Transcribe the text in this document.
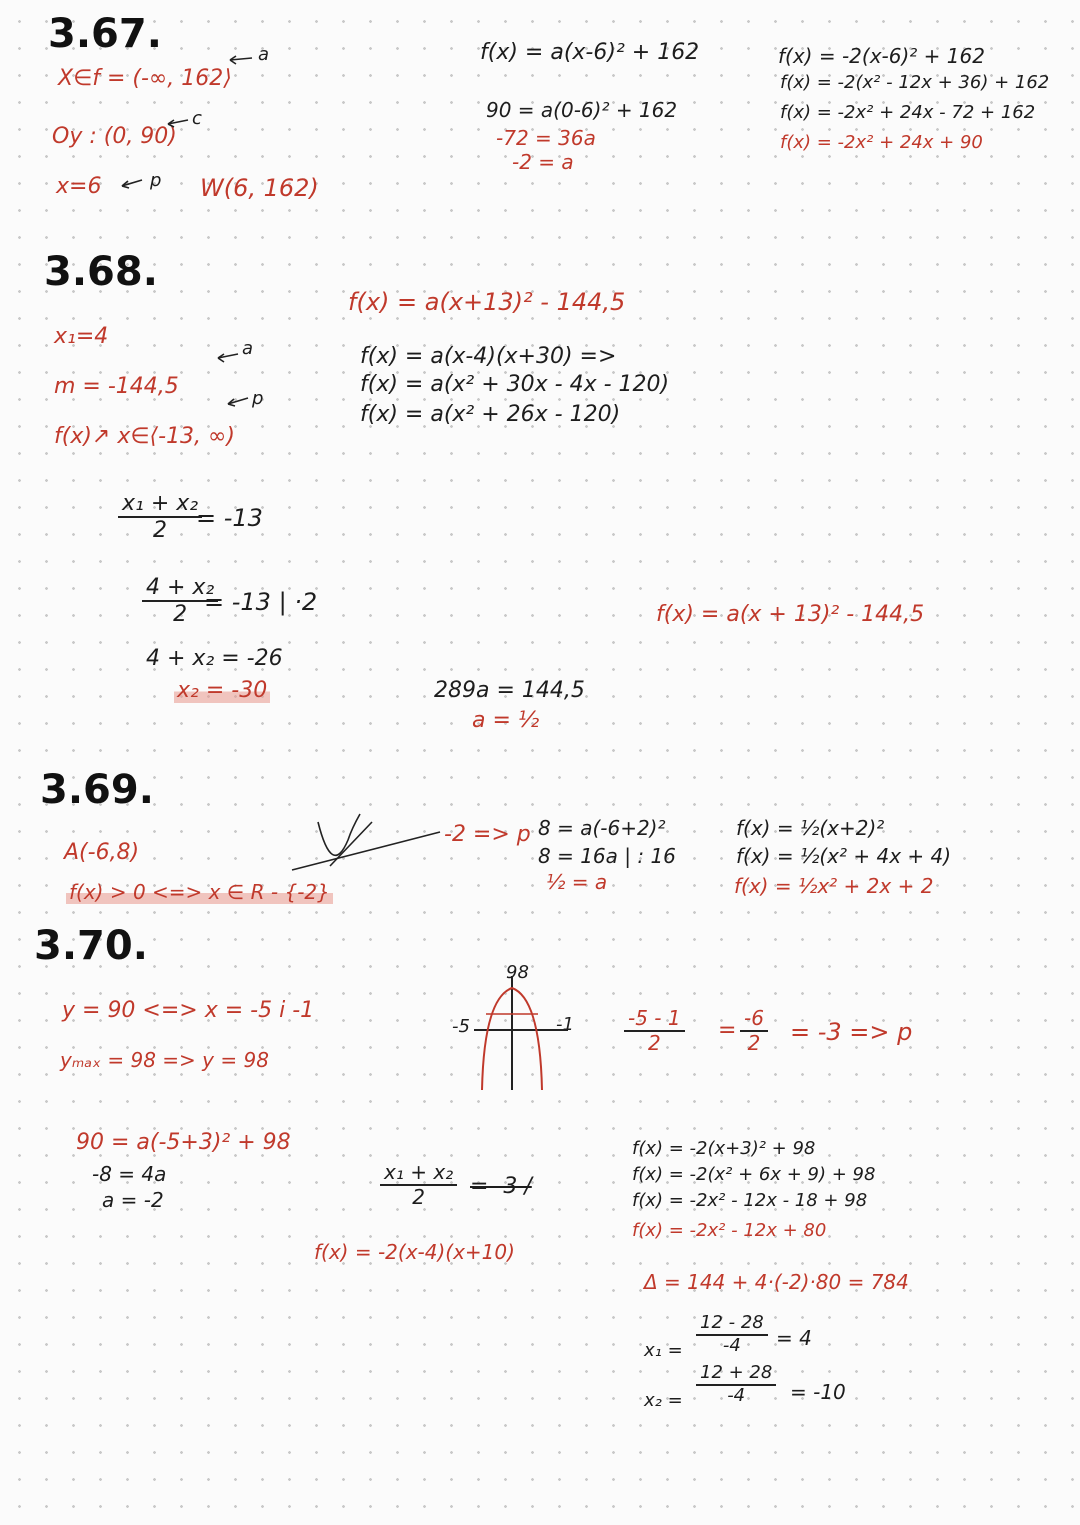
3.67.
X∈f = (-∞, 162⟩
Oy : (0, 90)
x=6	W(6, 162)
a
c
p
f(x) = a(x-6)² + 162
90 = a(0-6)² + 162
-72 = 36a
-2 = a
f(x) = -2(x-6)² + 162
f(x) = -2(x² - 12x + 36) + 162
f(x) = -2x² + 24x - 72 + 162
f(x) = -2x² + 24x + 90
3.68.
x₁=4
m = -144,5
f(x)↗ x∈⟨-13, ∞)
a
p
f(x) = a(x+13)² - 144,5
f(x) = a(x-4)(x+30) =>
f(x) = a(x² + 30x - 4x - 120)
f(x) = a(x² + 26x - 120)
$\frac{\text{x₁ + x₂}}{2}$
= -13
$\frac{\text{4 + x₂}}{2}$
= -13 | ·2
4 + x₂ = -26
x₂ = -30
f(x) = a(x + 13)² - 144,5
289a = 144,5
a = ½
3.69.
A(-6,8)
f(x) > 0 <=> x ∈ R - {-2}
-2 => p 8 = a(-6+2)²
8 = 16a | : 16
½ = a
f(x) = ½(x+2)²
f(x) = ½(x² + 4x + 4)
f(x) = ½x² + 2x + 2
3.70.
y = 90 <=> x = -5 i -1
yₘₐₓ = 98 => y = 98
90 = a(-5+3)² + 98
-8 = 4a
a = -2
98
-5	-1	$\frac{-5 - 1}{2} = \frac{-6}{2} = -3 => p$
$\frac{\text{x₁ + x₂}}{2} = -3$ /
f(x) = -2(x-4)(x+10)
f(x) = -2(x+3)² + 98
f(x) = -2(x² + 6x + 9) + 98
f(x) = -2x² - 12x - 18 + 98
f(x) = -2x² - 12x + 80
Δ = 144 + 4·(-2)·80 = 784
$x_1 = \frac{12 - 28}{-4} = 4$
$x_2 = \frac{12 + 28}{-4} = -10$
